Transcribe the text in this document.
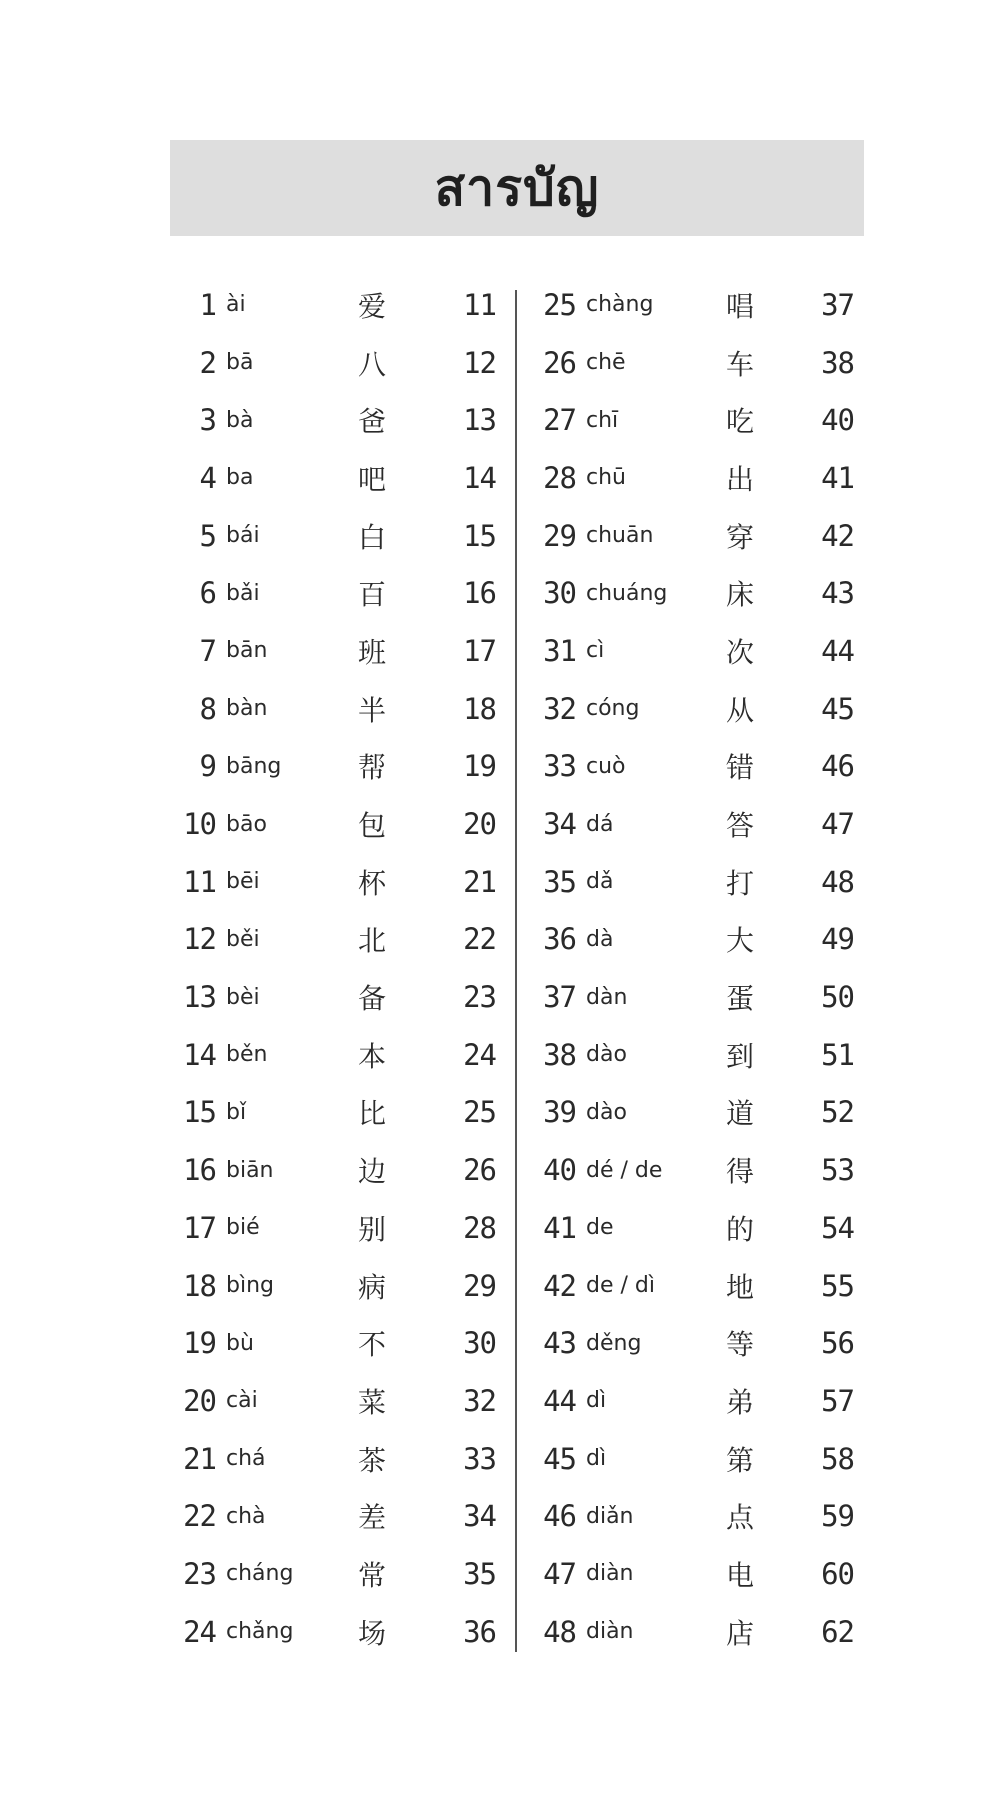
สารบัญ
1 ài	爱	11
2 bā	八	12
3 bà	爸	13
4 ba	吧	14
5 bái	白	15
6 bǎi	百	16
7 bān	班	17
8 bàn	半	18
9 bāng	帮	19
10 bāo	包	20
11 bēi	杯	21
12 běi	北	22
13 bèi	备	23
14 běn	本	24
15 bǐ	比	25
16 biān	边	26
17 bié	别	28
18 bìng	病	29
19 bù	不	30
20 cài	菜	32
21 chá	茶	33
22 chà	差	34
23 cháng	常	35
24 chǎng	场	36
25 chàng	唱	37
26 chē	车	38
27 chī	吃	40
28 chū	出	41
29 chuān	穿	42
30 chuáng	床	43
31 cì	次	44
32 cóng	从	45
33 cuò	错	46
34 dá	答	47
35 dǎ	打	48
36 dà	大	49
37 dàn	蛋	50
38 dào	到	51
39 dào	道	52
40 dé / de	得	53
41 de	的	54
42 de / dì	地	55
43 děng	等	56
44 dì	弟	57
45 dì	第	58
46 diǎn	点	59
47 diàn	电	60
48 diàn	店	62
